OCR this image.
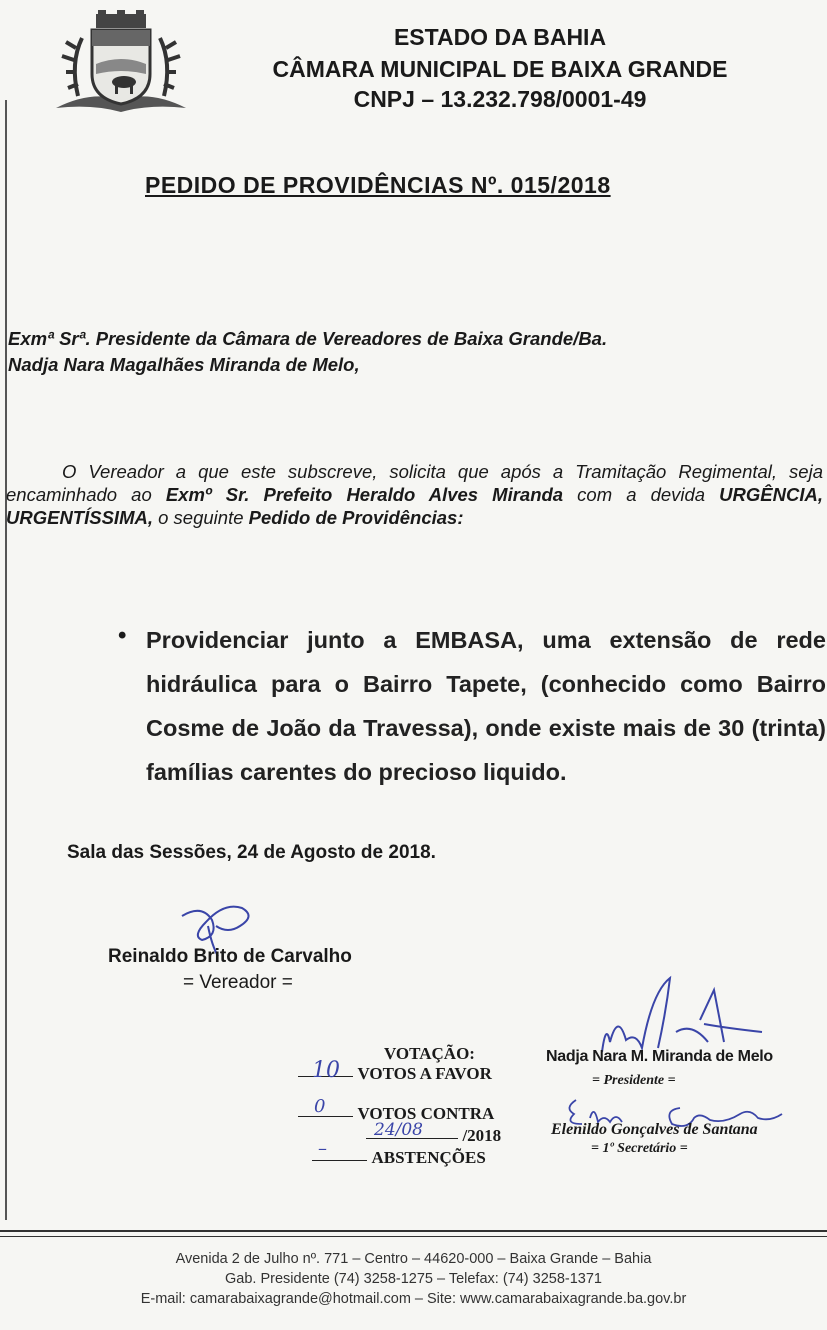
ESTADO DA BAHIA
CÂMARA MUNICIPAL DE BAIXA GRANDE
CNPJ – 13.232.798/0001-49
PEDIDO DE PROVIDÊNCIAS Nº. 015/2018
Exmª Srª. Presidente da Câmara de Vereadores de Baixa Grande/Ba.
Nadja Nara Magalhães Miranda de Melo,
O Vereador a que este subscreve, solicita que após a Tramitação Regimental, seja encaminhado ao Exmº Sr. Prefeito Heraldo Alves Miranda com a devida URGÊNCIA, URGENTÍSSIMA, o seguinte Pedido de Providências:
• Providenciar junto a EMBASA, uma extensão de rede hidráulica para o Bairro Tapete, (conhecido como Bairro Cosme de João da Travessa), onde existe mais de 30 (trinta) famílias carentes do precioso liquido.
Sala das Sessões, 24 de Agosto de 2018.
Reinaldo Brito de Carvalho
= Vereador =
VOTAÇÃO:

10 VOTOS A FAVOR

0 VOTOS CONTRA

24/08 /2018

–	ABSTENÇÕES
Nadja Nara M. Miranda de Melo
= Presidente =
Elenildo Gonçalves de Santana
= 1º Secretário =
Avenida 2 de Julho nº. 771 – Centro – 44620-000 – Baixa Grande – Bahia
Gab. Presidente (74) 3258-1275 – Telefax: (74) 3258-1371
E-mail: camarabaixagrande@hotmail.com – Site: www.camarabaixagrande.ba.gov.br
